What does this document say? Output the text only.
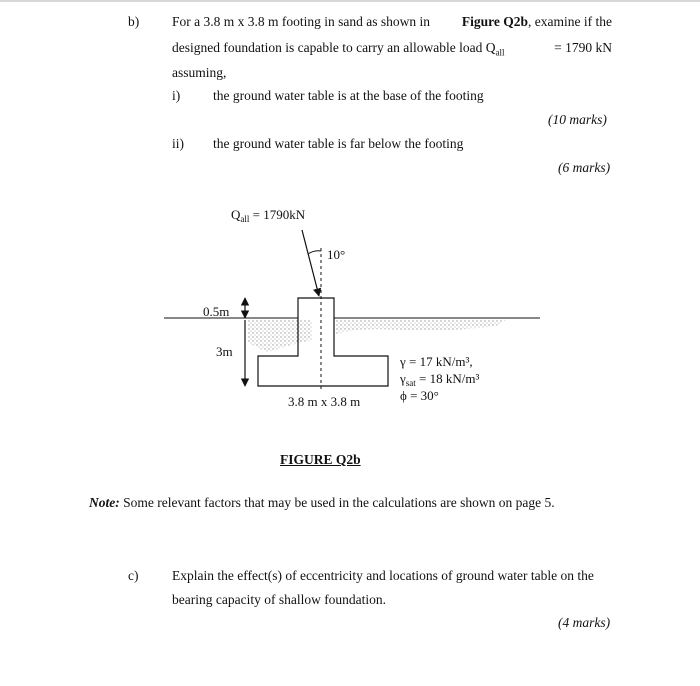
b) For a 3.8 m x 3.8 m footing in sand as shown in Figure Q2b, examine if the
designed foundation is capable to carry an allowable load $Q_{all}$	= 1790 kN
assuming,
i) the ground water table is at the base of the footing
(10 marks)
ii) the ground water table is far below the footing
(6 marks)
$Q_{all} = 1790kN$
10°
0.5m
3m
3.8 m x 3.8 m
γ = 17 kN/m³,
$\gamma_{sat} = 18$ kN/m³
ϕ = 30°
FIGURE Q2b
Note: Some relevant factors that may be used in the calculations are shown on page 5.
c) Explain the effect(s) of eccentricity and locations of ground water table on the
bearing capacity of shallow foundation.
(4 marks)
